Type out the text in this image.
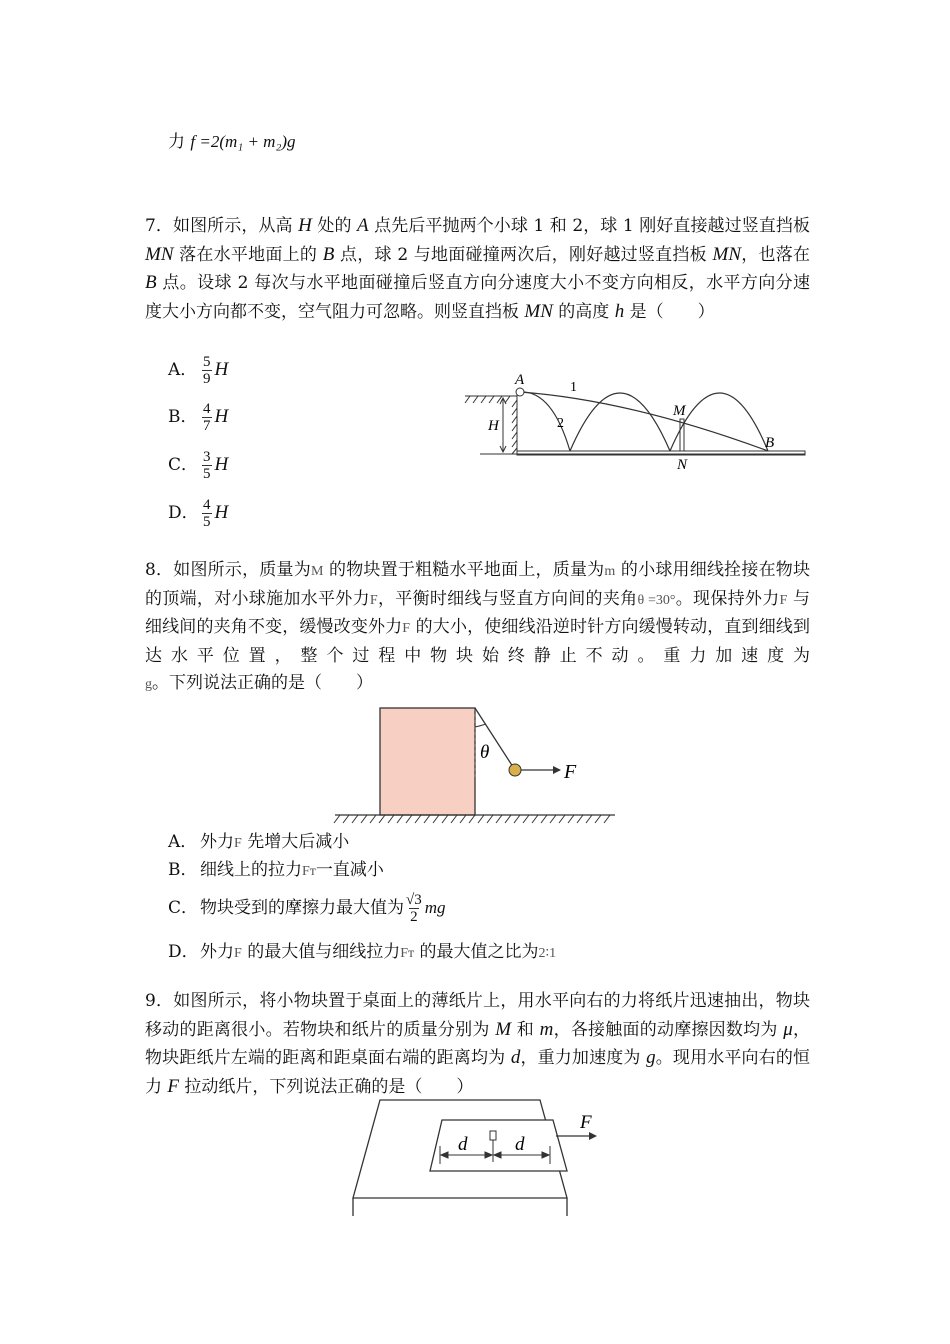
力 f =2(m₁ + m₂)g
7．如图所示，从高 H 处的 A 点先后平抛两个小球 1 和 2，球 1 刚好直接越过竖直挡板 MN 落在水平地面上的 B 点，球 2 与地面碰撞两次后，刚好越过竖直挡板 MN，也落在 B 点。设球 2 每次与水平地面碰撞后竖直方向分速度大小不变方向相反，水平方向分速度大小方向都不变，空气阻力可忽略。则竖直挡板 MN 的高度 h 是（　　）
A． $\frac{5}{9}$ H
B． $\frac{4}{7}$ H
C． $\frac{3}{5}$ H
D． $\frac{4}{5}$ H
H
A	1
2
M
N
B
8．如图所示，质量为M 的物块置于粗糙水平地面上，质量为m 的小球用细线拴接在物块的顶端，对小球施加水平外力F，平衡时细线与竖直方向间的夹角θ =30°。现保持外力F 与细线间的夹角不变，缓慢改变外力F 的大小，使细线沿逆时针方向缓慢转动，直到细线到达水平位置，整个过程中物块始终静止不动。重力加速度为g。下列说法正确的是（　　）
θ
F
A． 外力F 先增大后减小
B． 细线上的拉力Fᴛ一直减小
C． 物块受到的摩擦力最大值为 $\frac{√3}{2}$ mg
D．外力F 的最大值与细线拉力Fᴛ 的最大值之比为2∶1
9．如图所示，将小物块置于桌面上的薄纸片上，用水平向右的力将纸片迅速抽出，物块移动的距离很小。若物块和纸片的质量分别为 M 和 m，各接触面的动摩擦因数均为 μ，物块距纸片左端的距离和距桌面右端的距离均为 d，重力加速度为 g。现用水平向右的恒力 F 拉动纸片，下列说法正确的是（　　）
d	d
F
